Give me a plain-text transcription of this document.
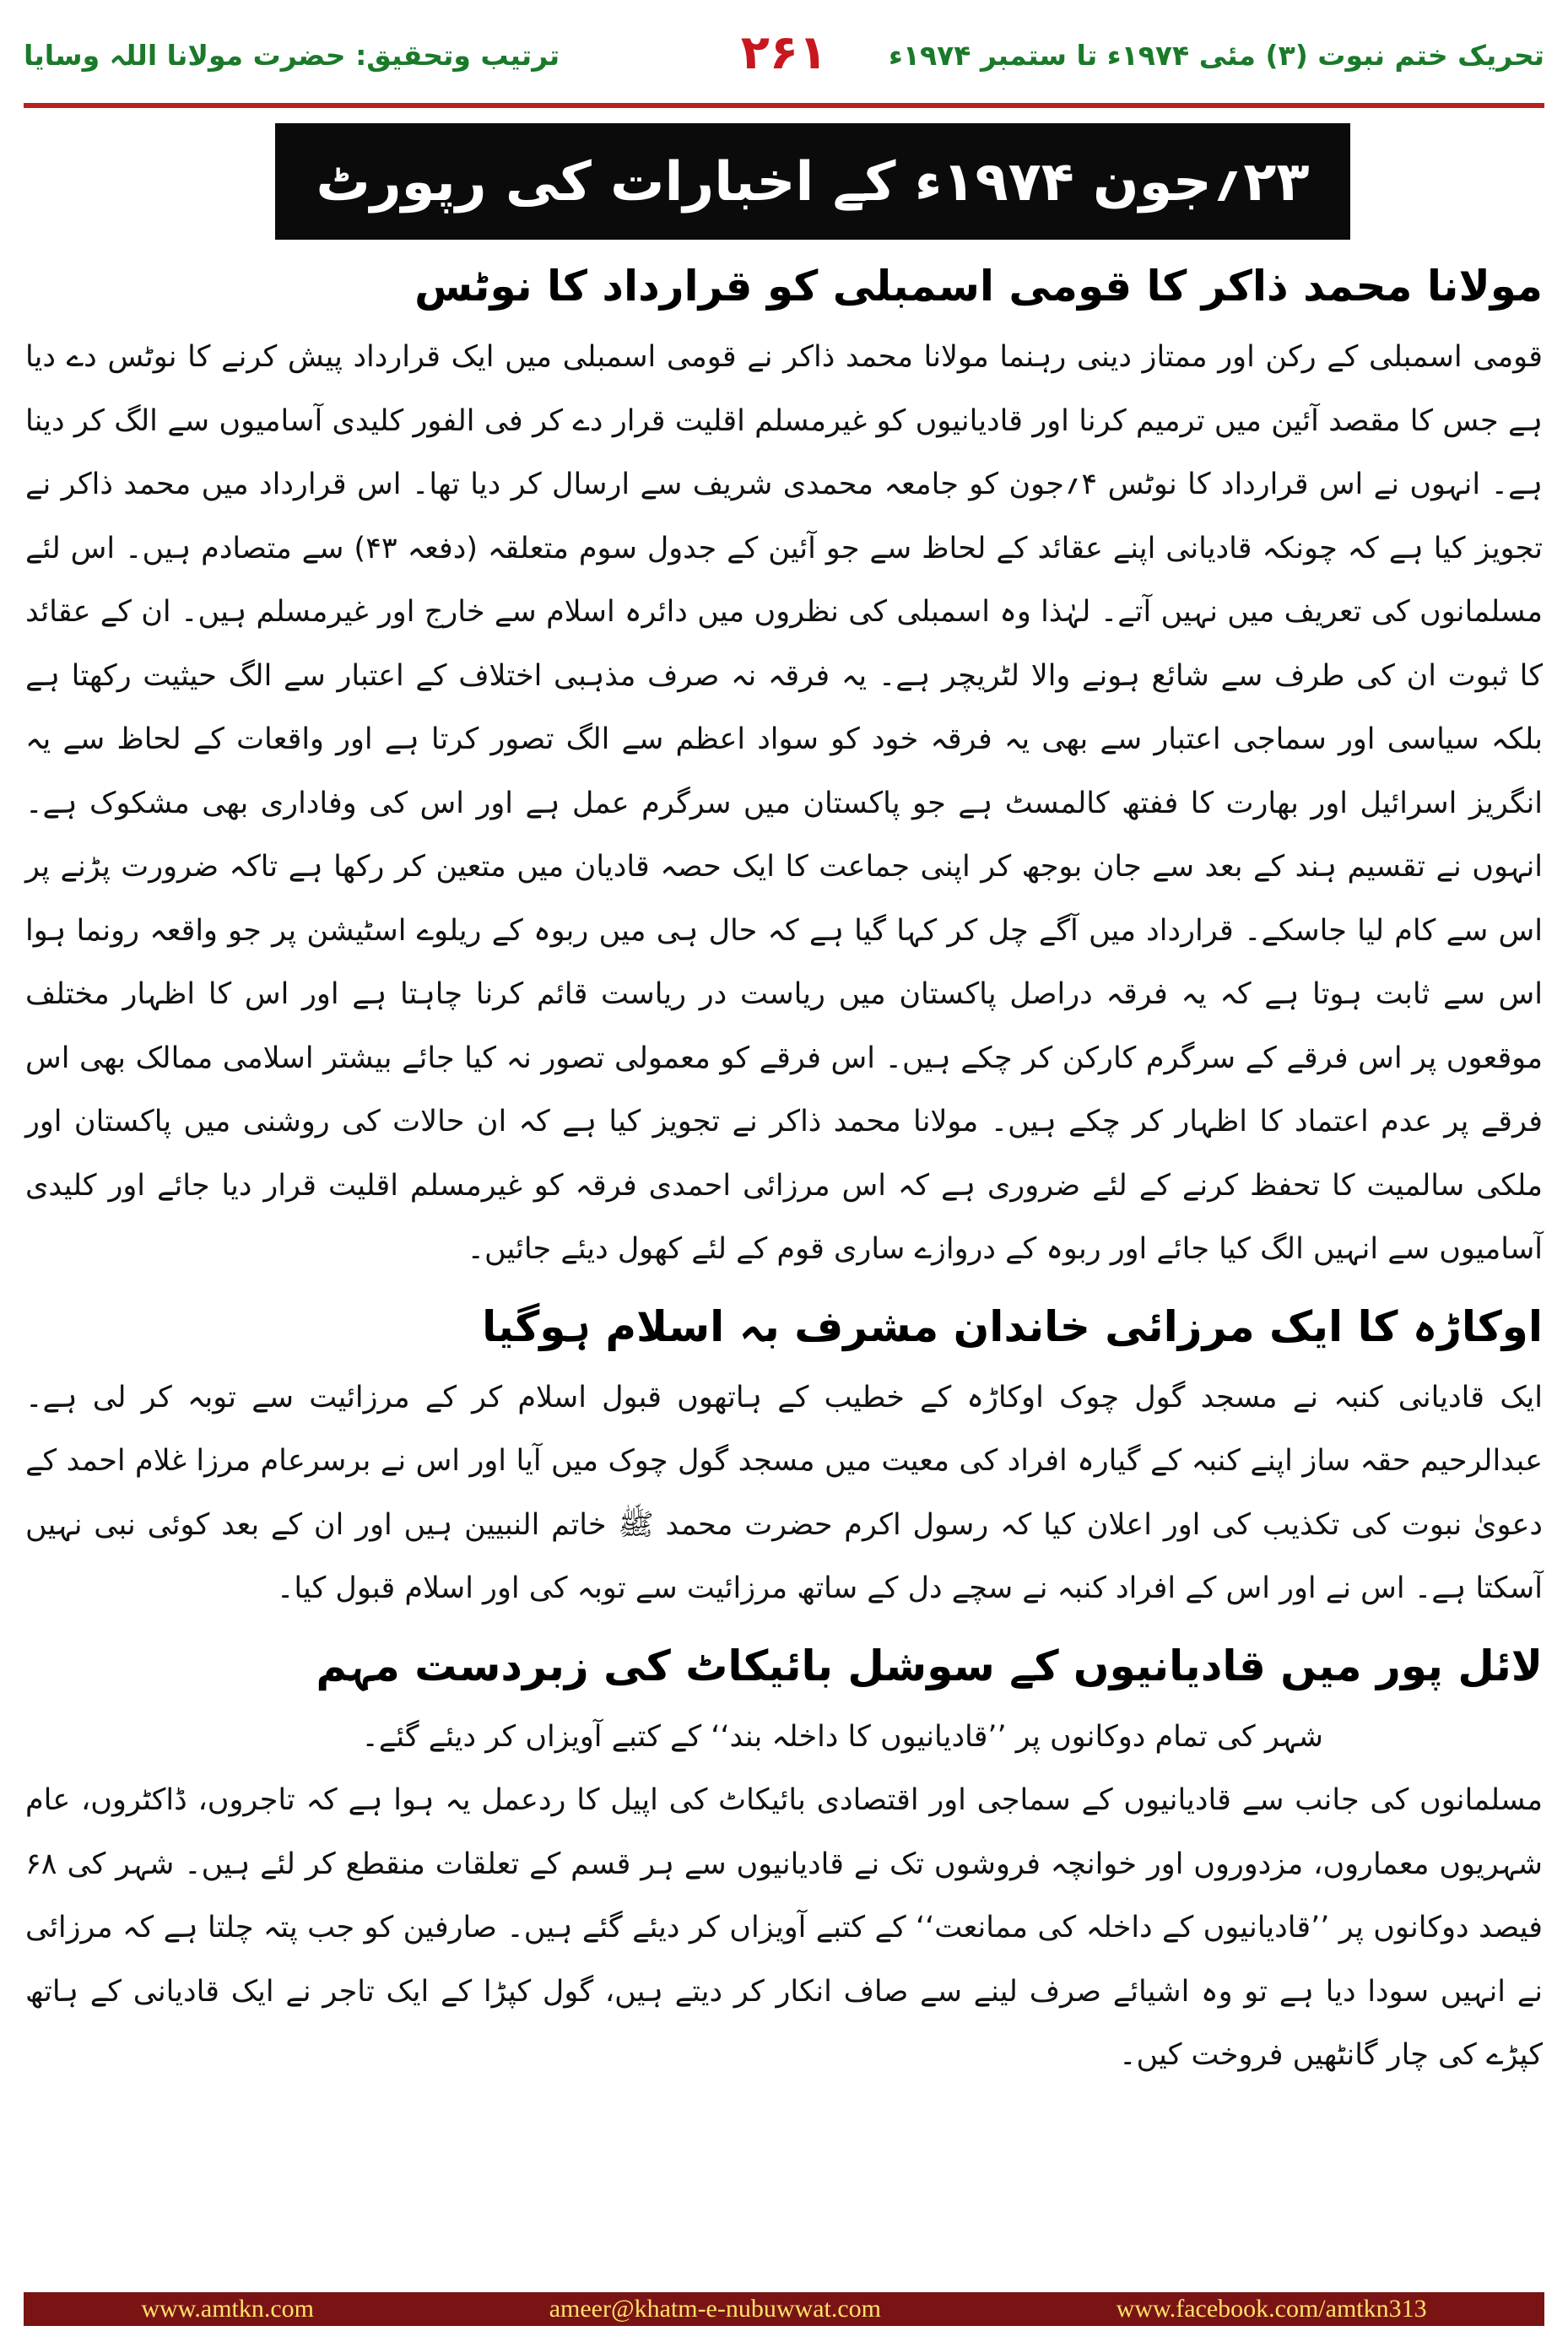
تحریک ختم نبوت (۳) مئی ۱۹۷۴ء تا ستمبر ۱۹۷۴ء
۲۶۱
ترتیب وتحقیق: حضرت مولانا اللہ وسایا
۲۳؍جون ۱۹۷۴ء کے اخبارات کی رپورٹ
مولانا محمد ذاکر کا قومی اسمبلی کو قرارداد کا نوٹس

قومی اسمبلی کے رکن اور ممتاز دینی رہنما مولانا محمد ذاکر نے قومی اسمبلی میں ایک قرارداد پیش کرنے کا نوٹس دے دیا ہے جس کا مقصد آئین میں ترمیم کرنا اور قادیانیوں کو غیرمسلم اقلیت قرار دے کر فی الفور کلیدی آسامیوں سے الگ کر دینا ہے۔ انہوں نے اس قرارداد کا نوٹس ۴؍جون کو جامعہ محمدی شریف سے ارسال کر دیا تھا۔ اس قرارداد میں محمد ذاکر نے تجویز کیا ہے کہ چونکہ قادیانی اپنے عقائد کے لحاظ سے جو آئین کے جدول سوم متعلقہ (دفعہ ۴۳) سے متصادم ہیں۔ اس لئے مسلمانوں کی تعریف میں نہیں آتے۔ لہٰذا وہ اسمبلی کی نظروں میں دائرہ اسلام سے خارج اور غیرمسلم ہیں۔ ان کے عقائد کا ثبوت ان کی طرف سے شائع ہونے والا لٹریچر ہے۔ یہ فرقہ نہ صرف مذہبی اختلاف کے اعتبار سے الگ حیثیت رکھتا ہے بلکہ سیاسی اور سماجی اعتبار سے بھی یہ فرقہ خود کو سواد اعظم سے الگ تصور کرتا ہے اور واقعات کے لحاظ سے یہ انگریز اسرائیل اور بھارت کا ففتھ کالمسٹ ہے جو پاکستان میں سرگرم عمل ہے اور اس کی وفاداری بھی مشکوک ہے۔ انہوں نے تقسیم ہند کے بعد سے جان بوجھ کر اپنی جماعت کا ایک حصہ قادیان میں متعین کر رکھا ہے تاکہ ضرورت پڑنے پر اس سے کام لیا جاسکے۔ قرارداد میں آگے چل کر کہا گیا ہے کہ حال ہی میں ربوہ کے ریلوے اسٹیشن پر جو واقعہ رونما ہوا اس سے ثابت ہوتا ہے کہ یہ فرقہ دراصل پاکستان میں ریاست در ریاست قائم کرنا چاہتا ہے اور اس کا اظہار مختلف موقعوں پر اس فرقے کے سرگرم کارکن کر چکے ہیں۔ اس فرقے کو معمولی تصور نہ کیا جائے بیشتر اسلامی ممالک بھی اس فرقے پر عدم اعتماد کا اظہار کر چکے ہیں۔ مولانا محمد ذاکر نے تجویز کیا ہے کہ ان حالات کی روشنی میں پاکستان اور ملکی سالمیت کا تحفظ کرنے کے لئے ضروری ہے کہ اس مرزائی احمدی فرقہ کو غیرمسلم اقلیت قرار دیا جائے اور کلیدی آسامیوں سے انہیں الگ کیا جائے اور ربوہ کے دروازے ساری قوم کے لئے کھول دیئے جائیں۔

اوکاڑہ کا ایک مرزائی خاندان مشرف بہ اسلام ہوگیا

ایک قادیانی کنبہ نے مسجد گول چوک اوکاڑہ کے خطیب کے ہاتھوں قبول اسلام کر کے مرزائیت سے توبہ کر لی ہے۔ عبدالرحیم حقہ ساز اپنے کنبہ کے گیارہ افراد کی معیت میں مسجد گول چوک میں آیا اور اس نے برسرعام مرزا غلام احمد کے دعویٰ نبوت کی تکذیب کی اور اعلان کیا کہ رسول اکرم حضرت محمد ﷺ خاتم النبیین ہیں اور ان کے بعد کوئی نبی نہیں آسکتا ہے۔ اس نے اور اس کے افراد کنبہ نے سچے دل کے ساتھ مرزائیت سے توبہ کی اور اسلام قبول کیا۔

لائل پور میں قادیانیوں کے سوشل بائیکاٹ کی زبردست مہم

شہر کی تمام دوکانوں پر ’’قادیانیوں کا داخلہ بند‘‘ کے کتبے آویزاں کر دیئے گئے۔

مسلمانوں کی جانب سے قادیانیوں کے سماجی اور اقتصادی بائیکاٹ کی اپیل کا ردعمل یہ ہوا ہے کہ تاجروں، ڈاکٹروں، عام شہریوں معماروں، مزدوروں اور خوانچہ فروشوں تک نے قادیانیوں سے ہر قسم کے تعلقات منقطع کر لئے ہیں۔ شہر کی ۶۸ فیصد دوکانوں پر ’’قادیانیوں کے داخلہ کی ممانعت‘‘ کے کتبے آویزاں کر دیئے گئے ہیں۔ صارفین کو جب پتہ چلتا ہے کہ مرزائی نے انہیں سودا دیا ہے تو وہ اشیائے صرف لینے سے صاف انکار کر دیتے ہیں، گول کپڑا کے ایک تاجر نے ایک قادیانی کے ہاتھ کپڑے کی چار گانٹھیں فروخت کیں۔

www.amtkn.com	ameer@khatm-e-nubuwwat.com	www.facebook.com/amtkn313
